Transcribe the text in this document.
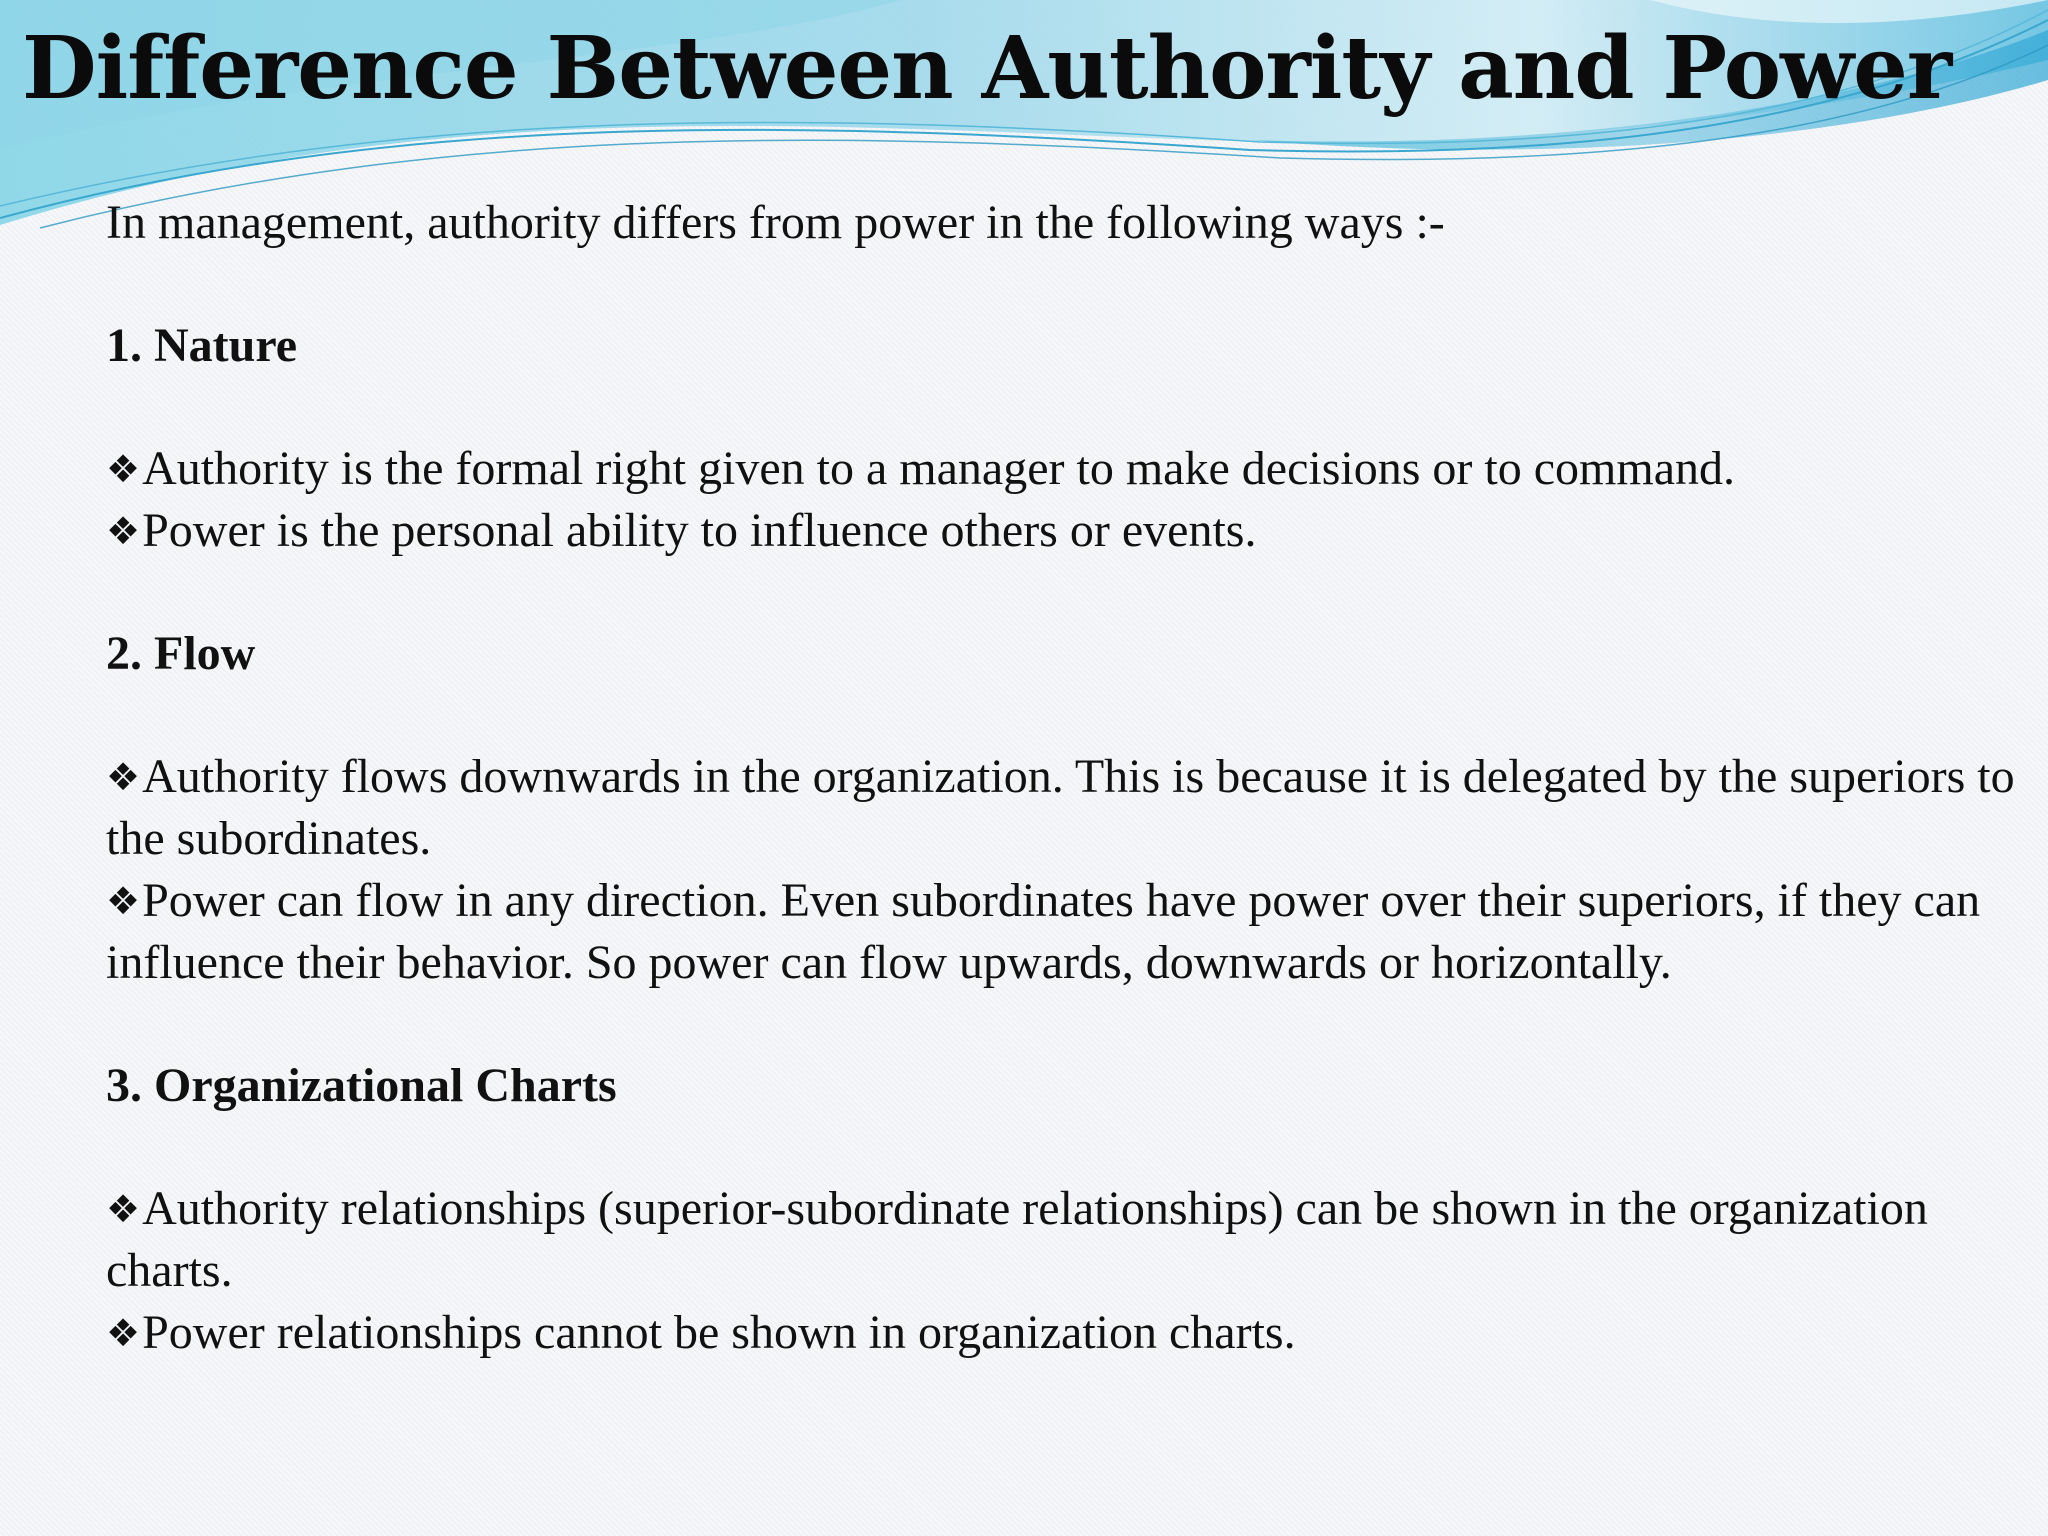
Difference Between Authority and Power

In management, authority differs from power in the following ways :-

1. Nature

❖Authority is the formal right given to a manager to make decisions or to command.
❖Power is the personal ability to influence others or events.

2. Flow

❖Authority flows downwards in the organization. This is because it is delegated by the superiors to the subordinates.
❖Power can flow in any direction. Even subordinates have power over their superiors, if they can influence their behavior. So power can flow upwards, downwards or horizontally.

3. Organizational Charts

❖Authority relationships (superior-subordinate relationships) can be shown in the organization charts.
❖Power relationships cannot be shown in organization charts.
